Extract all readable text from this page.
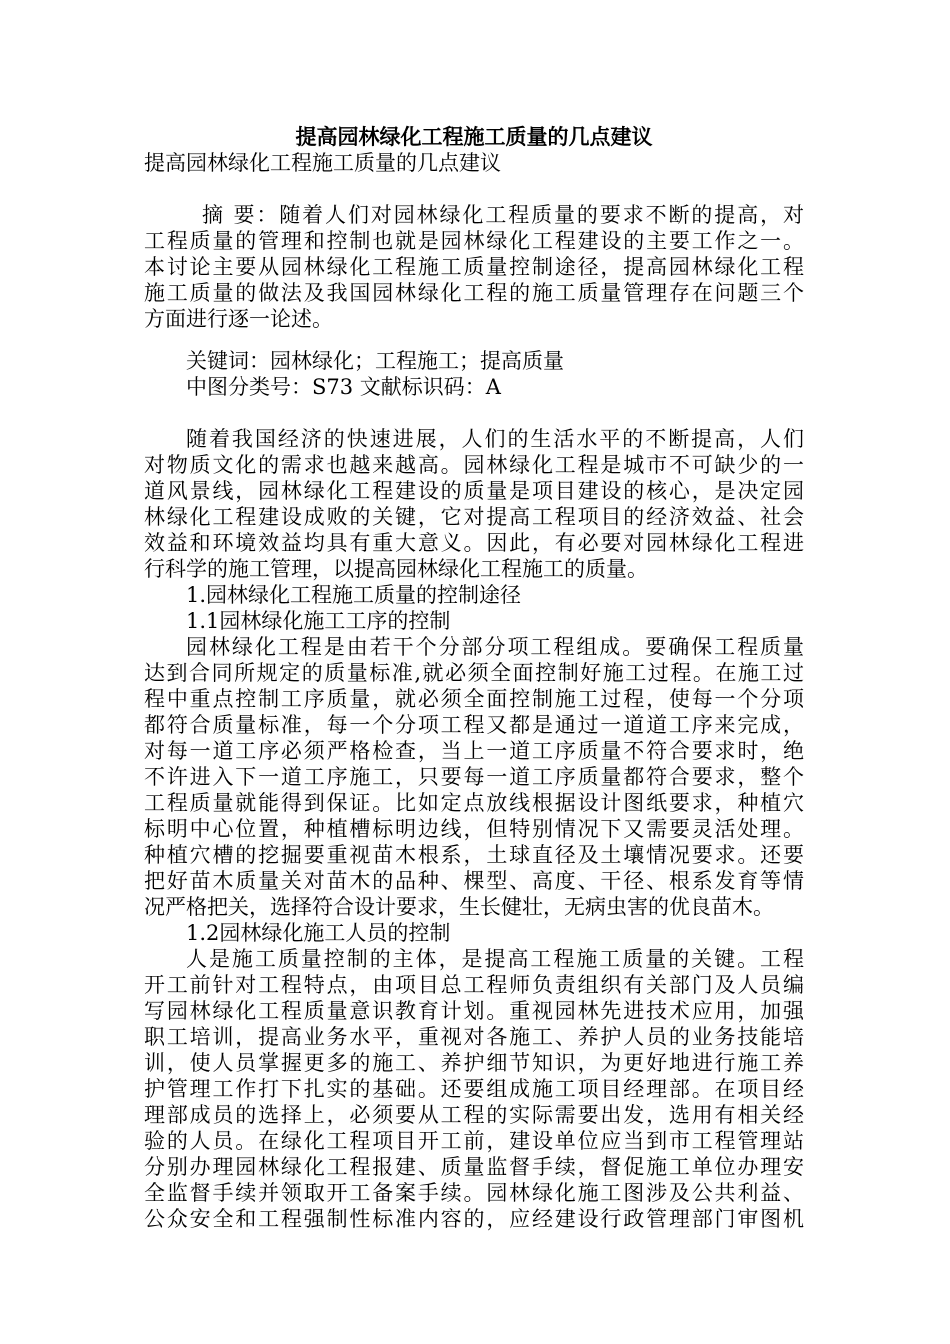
提高园林绿化工程施工质量的几点建议
提高园林绿化工程施工质量的几点建议
摘 要：随着人们对园林绿化工程质量的要求不断的提高，对
工程质量的管理和控制也就是园林绿化工程建设的主要工作之一。
本讨论主要从园林绿化工程施工质量控制途径，提高园林绿化工程
施工质量的做法及我国园林绿化工程的施工质量管理存在问题三个
方面进行逐一论述。
关键词：园林绿化；工程施工；提高质量
中图分类号：S73 文献标识码：A
随着我国经济的快速进展，人们的生活水平的不断提高，人们
对物质文化的需求也越来越高。园林绿化工程是城市不可缺少的一
道风景线，园林绿化工程建设的质量是项目建设的核心，是决定园
林绿化工程建设成败的关键，它对提高工程项目的经济效益、社会
效益和环境效益均具有重大意义。因此，有必要对园林绿化工程进
行科学的施工管理，以提高园林绿化工程施工的质量。
1.园林绿化工程施工质量的控制途径
1.1园林绿化施工工序的控制
园林绿化工程是由若干个分部分项工程组成。要确保工程质量
达到合同所规定的质量标准,就必须全面控制好施工过程。在施工过
程中重点控制工序质量，就必须全面控制施工过程，使每一个分项
都符合质量标准，每一个分项工程又都是通过一道道工序来完成，
对每一道工序必须严格检查，当上一道工序质量不符合要求时，绝
不许进入下一道工序施工，只要每一道工序质量都符合要求，整个
工程质量就能得到保证。比如定点放线根据设计图纸要求，种植穴
标明中心位置，种植槽标明边线，但特别情况下又需要灵活处理。
种植穴槽的挖掘要重视苗木根系，土球直径及土壤情况要求。还要
把好苗木质量关对苗木的品种、棵型、高度、干径、根系发育等情
况严格把关，选择符合设计要求，生长健壮，无病虫害的优良苗木。
1.2园林绿化施工人员的控制
人是施工质量控制的主体，是提高工程施工质量的关键。工程
开工前针对工程特点，由项目总工程师负责组织有关部门及人员编
写园林绿化工程质量意识教育计划。重视园林先进技术应用，加强
职工培训，提高业务水平，重视对各施工、养护人员的业务技能培
训，使人员掌握更多的施工、养护细节知识，为更好地进行施工养
护管理工作打下扎实的基础。还要组成施工项目经理部。在项目经
理部成员的选择上，必须要从工程的实际需要出发，选用有相关经
验的人员。在绿化工程项目开工前，建设单位应当到市工程管理站
分别办理园林绿化工程报建、质量监督手续，督促施工单位办理安
全监督手续并领取开工备案手续。园林绿化施工图涉及公共利益、
公众安全和工程强制性标准内容的，应经建设行政管理部门审图机
